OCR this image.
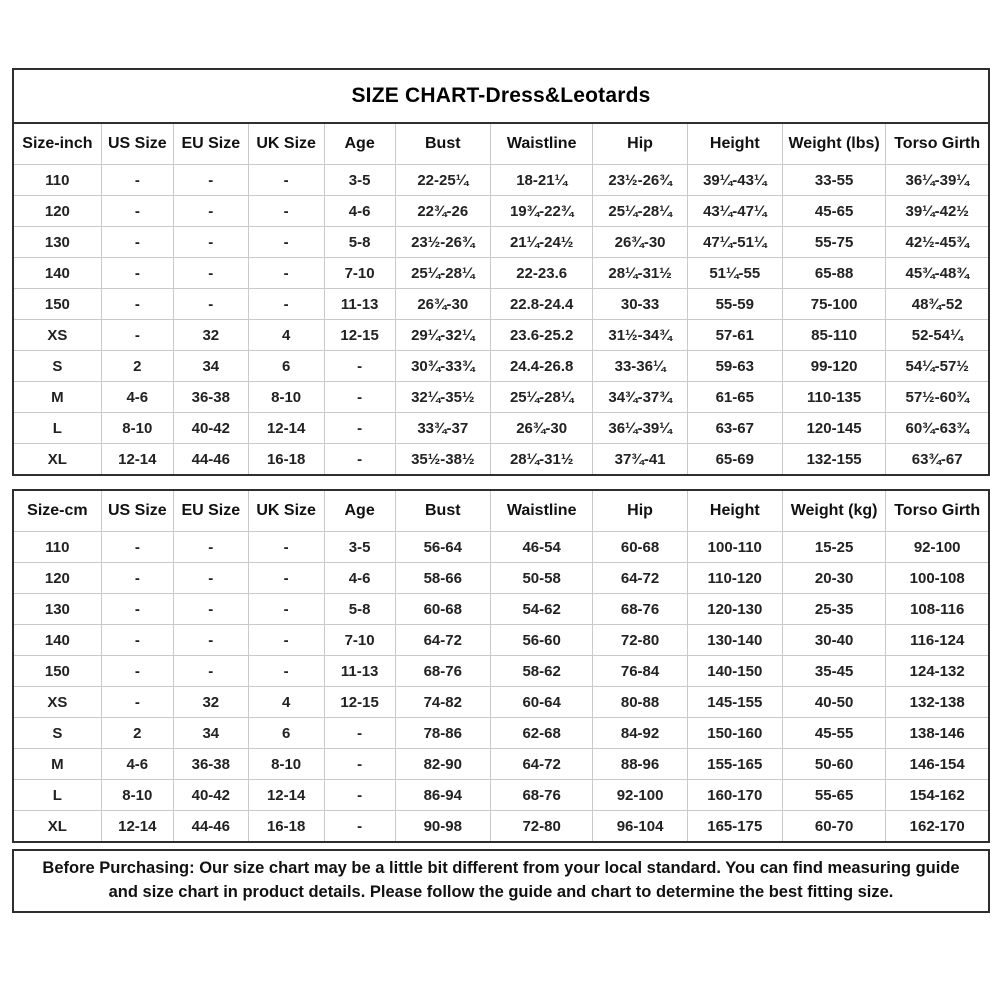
SIZE CHART-Dress&Leotards
Size-inch	US Size	EU Size	UK Size	Age	Bust	Waistline	Hip	Height	Weight (lbs)	Torso Girth
110	-	-	-	3-5	22-25¼	18-21¼	23½-26¾	39¼-43¼	33-55	36¼-39¼
120	-	-	-	4-6	22¾-26	19¾-22¾	25¼-28¼	43¼-47¼	45-65	39¼-42½
130	-	-	-	5-8	23½-26¾	21¼-24½	26¾-30	47¼-51¼	55-75	42½-45¾
140	-	-	-	7-10	25¼-28¼	22-23.6	28¼-31½	51¼-55	65-88	45¾-48¾
150	-	-	-	11-13	26¾-30	22.8-24.4	30-33	55-59	75-100	48¾-52
XS	-	32	4	12-15	29¼-32¼	23.6-25.2	31½-34¾	57-61	85-110	52-54¼
S	2	34	6	-	30¾-33¾	24.4-26.8	33-36¼	59-63	99-120	54¼-57½
M	4-6	36-38	8-10	-	32¼-35½	25¼-28¼	34¾-37¾	61-65	110-135	57½-60¾
L	8-10	40-42	12-14	-	33¾-37	26¾-30	36¼-39¼	63-67	120-145	60¾-63¾
XL	12-14	44-46	16-18	-	35½-38½	28¼-31½	37¾-41	65-69	132-155	63¾-67
Size-cm	US Size	EU Size	UK Size	Age	Bust	Waistline	Hip	Height	Weight (kg)	Torso Girth
110	-	-	-	3-5	56-64	46-54	60-68	100-110	15-25	92-100
120	-	-	-	4-6	58-66	50-58	64-72	110-120	20-30	100-108
130	-	-	-	5-8	60-68	54-62	68-76	120-130	25-35	108-116
140	-	-	-	7-10	64-72	56-60	72-80	130-140	30-40	116-124
150	-	-	-	11-13	68-76	58-62	76-84	140-150	35-45	124-132
XS	-	32	4	12-15	74-82	60-64	80-88	145-155	40-50	132-138
S	2	34	6	-	78-86	62-68	84-92	150-160	45-55	138-146
M	4-6	36-38	8-10	-	82-90	64-72	88-96	155-165	50-60	146-154
L	8-10	40-42	12-14	-	86-94	68-76	92-100	160-170	55-65	154-162
XL	12-14	44-46	16-18	-	90-98	72-80	96-104	165-175	60-70	162-170

Before Purchasing: Our size chart may be a little bit different from your local standard. You can find measuring guide and size chart in product details. Please follow the guide and chart to determine the best fitting size.
